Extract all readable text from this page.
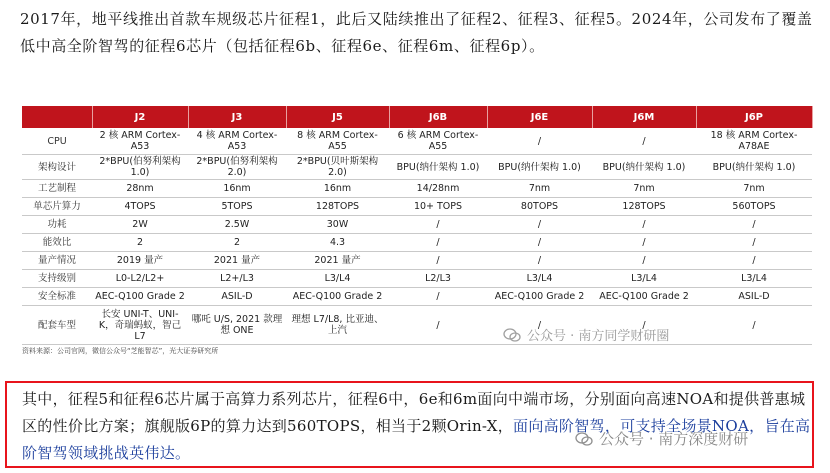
2017年，地平线推出首款车规级芯片征程1，此后又陆续推出了征程2、征程3、征程5。2024年，公司发布了覆盖低中高全阶智驾的征程6芯片（包括征程6b、征程6e、征程6m、征程6p）。
	J2	J3	J5	J6B	J6E	J6M	J6P
CPU	2 核 ARM Cortex-A53	4 核 ARM Cortex-A53	8 核 ARM Cortex-A55	6 核 ARM Cortex-A55	/	/	18 核 ARM Cortex-A78AE
架构设计	2*BPU(伯努利架构 1.0)	2*BPU(伯努利架构 2.0)	2*BPU(贝叶斯架构 2.0)	BPU(纳什架构 1.0)	BPU(纳什架构 1.0)	BPU(纳什架构 1.0)	BPU(纳什架构 1.0)
工艺制程	28nm	16nm	16nm	14/28nm	7nm	7nm	7nm
单芯片算力	4TOPS	5TOPS	128TOPS	10+ TOPS	80TOPS	128TOPS	560TOPS
功耗	2W	2.5W	30W	/	/	/	/
能效比	2	2	4.3	/	/	/	/
量产情况	2019 量产	2021 量产	2021 量产	/	/	/	/
支持级别	L0-L2/L2+	L2+/L3	L3/L4	L2/L3	L3/L4	L3/L4	L3/L4
安全标准	AEC-Q100 Grade 2	ASIL-D	AEC-Q100 Grade 2	/	AEC-Q100 Grade 2	AEC-Q100 Grade 2	ASIL-D
配套车型	长安 UNI-T、UNI-K，奇瑞蚂蚁，智己 L7	哪吒 U/S, 2021 款理想 ONE	理想 L7/L8, 比亚迪、上汽	/	/	/	/
资料来源：公司官网，微信公众号“芝能智芯”，光大证券研究所
公众号 · 南方同学财研圈
其中，征程5和征程6芯片属于高算力系列芯片，征程6中，6e和6m面向中端市场，分别面向高速NOA和提供普惠城区的性价比方案；旗舰版6P的算力达到560TOPS，相当于2颗Orin-X，面向高阶智驾，可支持全场景NOA，旨在高阶智驾领域挑战英伟达。
公众号 · 南方深度财研
